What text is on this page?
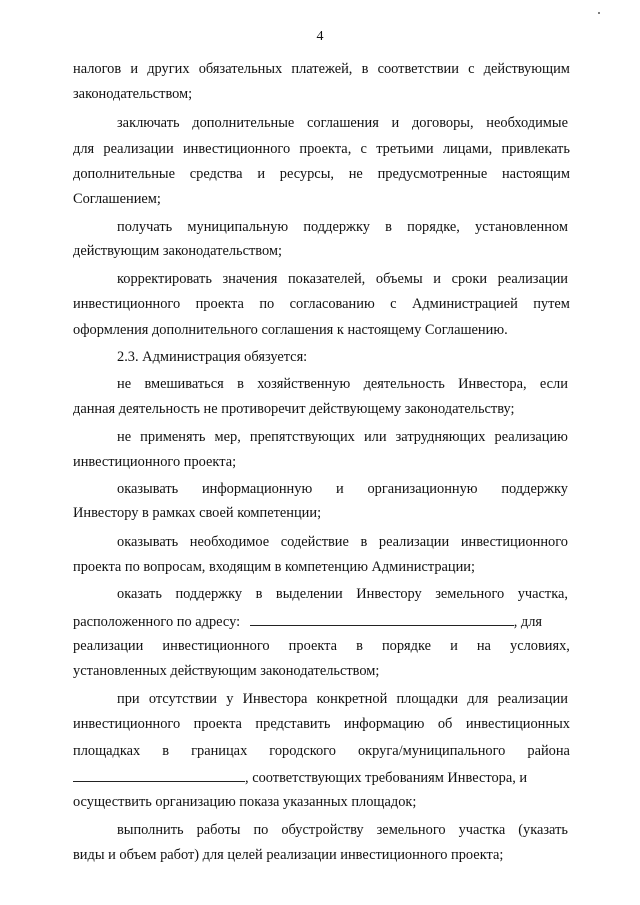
4
налогов и других обязательных платежей, в соответствии с действующим
законодательством;
заключать дополнительные соглашения и договоры, необходимые
для реализации инвестиционного проекта, с третьими лицами, привлекать
дополнительные средства и ресурсы, не предусмотренные настоящим
Соглашением;
получать муниципальную поддержку в порядке, установленном
действующим законодательством;
корректировать значения показателей, объемы и сроки реализации
инвестиционного проекта по согласованию с Администрацией путем
оформления дополнительного соглашения к настоящему Соглашению.
2.3. Администрация обязуется:
не вмешиваться в хозяйственную деятельность Инвестора, если
данная деятельность не противоречит действующему законодательству;
не применять мер, препятствующих или затрудняющих реализацию
инвестиционного проекта;
оказывать информационную и организационную поддержку
Инвестору в рамках своей компетенции;
оказывать необходимое содействие в реализации инвестиционного
проекта по вопросам, входящим в компетенцию Администрации;
оказать поддержку в выделении Инвестору земельного участка,
расположенного по адресу:	, для
реализации инвестиционного проекта в порядке и на условиях,
установленных действующим законодательством;
при отсутствии у Инвестора конкретной площадки для реализации
инвестиционного проекта представить информацию об инвестиционных
площадках в границах городского округа/муниципального района
, соответствующих требованиям Инвестора, и
осуществить организацию показа указанных площадок;
выполнить работы по обустройству земельного участка (указать
виды и объем работ) для целей реализации инвестиционного проекта;
